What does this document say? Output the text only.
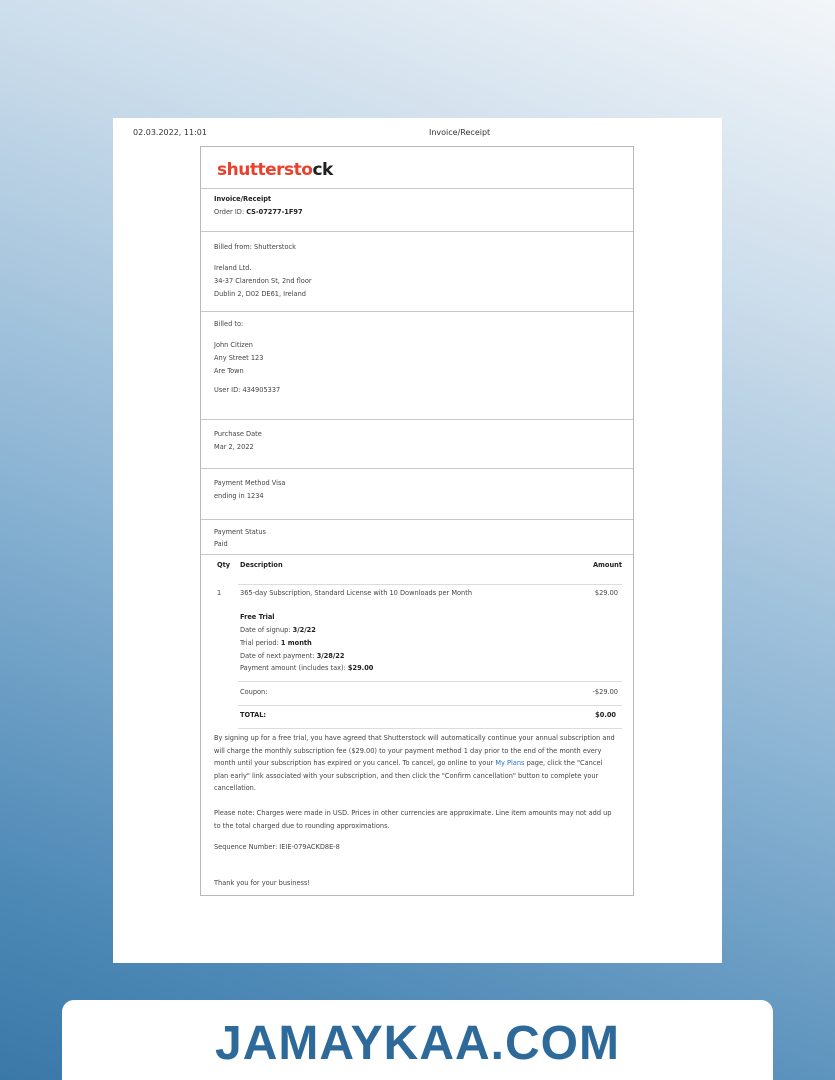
02.03.2022, 11:01	Invoice/Receipt
shutterstock
Invoice/Receipt
Order ID: CS-07277-1F97
Billed from: Shutterstock
Ireland Ltd.
34-37 Clarendon St, 2nd floor
Dublin 2, D02 DE61, Ireland
Billed to:
John Citizen
Any Street 123
Are Town
User ID: 434905337
Purchase Date
Mar 2, 2022
Payment Method Visa
ending in 1234
Payment Status
Paid
Qty Description	Amount
1	365-day Subscription, Standard License with 10 Downloads per Month	$29.00
Free Trial
Date of signup: 3/2/22
Trial period: 1 month
Date of next payment: 3/28/22
Payment amount (includes tax): $29.00
Coupon:	-$29.00
TOTAL:	$0.00
By signing up for a free trial, you have agreed that Shutterstock will automatically continue your annual subscription and will charge the monthly subscription fee ($29.00) to your payment method 1 day prior to the end of the month every month until your subscription has expired or you cancel. To cancel, go online to your My Plans page, click the "Cancel plan early" link associated with your subscription, and then click the "Confirm cancellation" button to complete your cancellation.
Please note: Charges were made in USD. Prices in other currencies are approximate. Line item amounts may not add up to the total charged due to rounding approximations.
Sequence Number: IEIE-079ACKD8E-8
Thank you for your business!
JAMAYKAA.COM
